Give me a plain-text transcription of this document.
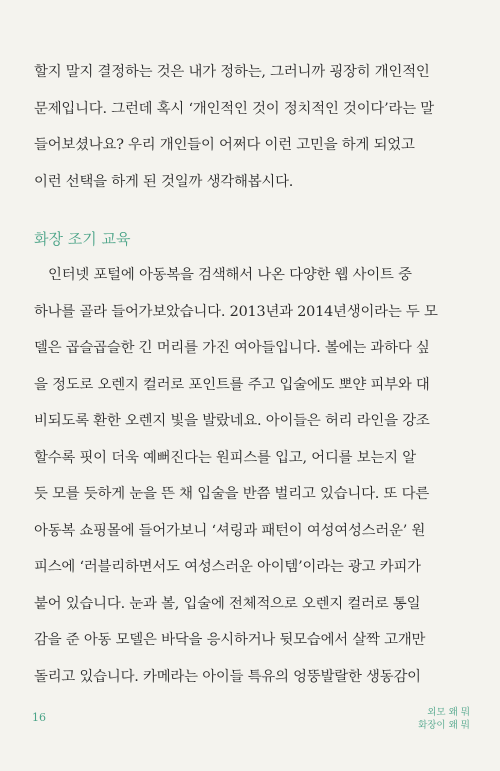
할지 말지 결정하는 것은 내가 정하는, 그러니까 굉장히 개인적인

문제입니다. 그런데 혹시 ‘개인적인 것이 정치적인 것이다’라는 말

들어보셨나요? 우리 개인들이 어쩌다 이런 고민을 하게 되었고

이런 선택을 하게 된 것일까 생각해봅시다.

화장 조기 교육

인터넷 포털에 아동복을 검색해서 나온 다양한 웹 사이트 중

하나를 골라 들어가보았습니다. 2013년과 2014년생이라는 두 모

델은 곱슬곱슬한 긴 머리를 가진 여아들입니다. 볼에는 과하다 싶

을 정도로 오렌지 컬러로 포인트를 주고 입술에도 뽀얀 피부와 대

비되도록 환한 오렌지 빛을 발랐네요. 아이들은 허리 라인을 강조

할수록 핏이 더욱 예뻐진다는 원피스를 입고, 어디를 보는지 알

듯 모를 듯하게 눈을 뜬 채 입술을 반쯤 벌리고 있습니다. 또 다른

아동복 쇼핑몰에 들어가보니 ‘셔링과 패턴이 여성여성스러운’ 원

피스에 ‘러블리하면서도 여성스러운 아이템’이라는 광고 카피가

붙어 있습니다. 눈과 볼, 입술에 전체적으로 오렌지 컬러로 통일

감을 준 아동 모델은 바닥을 응시하거나 뒷모습에서 살짝 고개만

돌리고 있습니다. 카메라는 아이들 특유의 엉뚱발랄한 생동감이

16	외모 왜 뭐
화장이 왜 뭐
